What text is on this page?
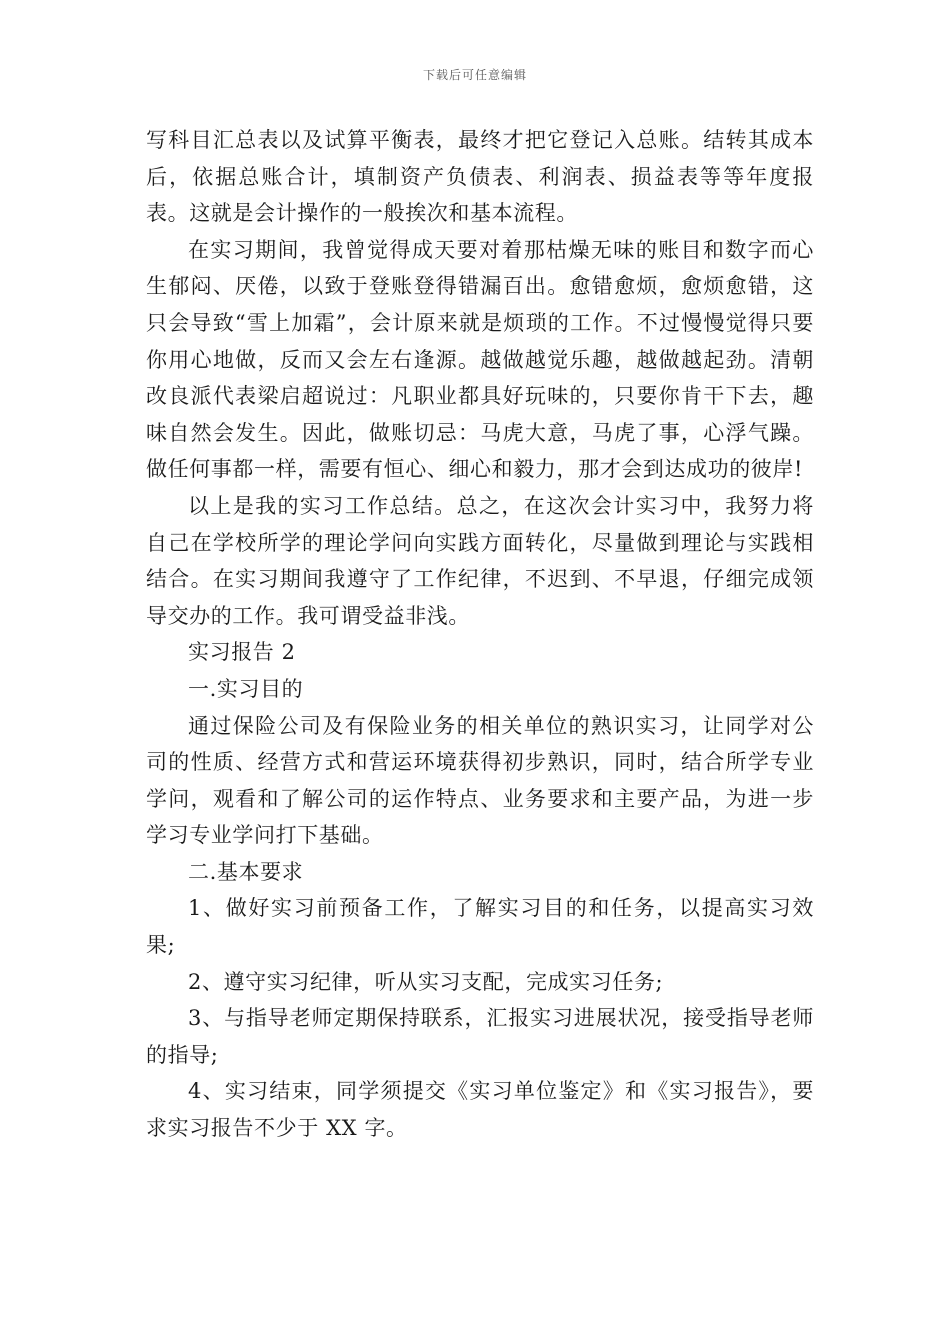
下载后可任意编辑

写科目汇总表以及试算平衡表，最终才把它登记入总账。结转其成本后，依据总账合计，填制资产负债表、利润表、损益表等等年度报表。这就是会计操作的一般挨次和基本流程。

在实习期间，我曾觉得成天要对着那枯燥无味的账目和数字而心生郁闷、厌倦，以致于登账登得错漏百出。愈错愈烦，愈烦愈错，这只会导致“雪上加霜”，会计原来就是烦琐的工作。不过慢慢觉得只要你用心地做，反而又会左右逢源。越做越觉乐趣，越做越起劲。清朝改良派代表梁启超说过：凡职业都具好玩味的，只要你肯干下去，趣味自然会发生。因此，做账切忌：马虎大意，马虎了事，心浮气躁。做任何事都一样，需要有恒心、细心和毅力，那才会到达成功的彼岸!

以上是我的实习工作总结。总之，在这次会计实习中，我努力将自己在学校所学的理论学问向实践方面转化，尽量做到理论与实践相结合。在实习期间我遵守了工作纪律，不迟到、不早退，仔细完成领导交办的工作。我可谓受益非浅。

实习报告 2

一.实习目的

通过保险公司及有保险业务的相关单位的熟识实习，让同学对公司的性质、经营方式和营运环境获得初步熟识，同时，结合所学专业学问，观看和了解公司的运作特点、业务要求和主要产品，为进一步学习专业学问打下基础。

二.基本要求

1、做好实习前预备工作，了解实习目的和任务，以提高实习效果;

2、遵守实习纪律，听从实习支配，完成实习任务;

3、与指导老师定期保持联系，汇报实习进展状况，接受指导老师的指导;

4、实习结束，同学须提交《实习单位鉴定》和《实习报告》，要求实习报告不少于 XX 字。
